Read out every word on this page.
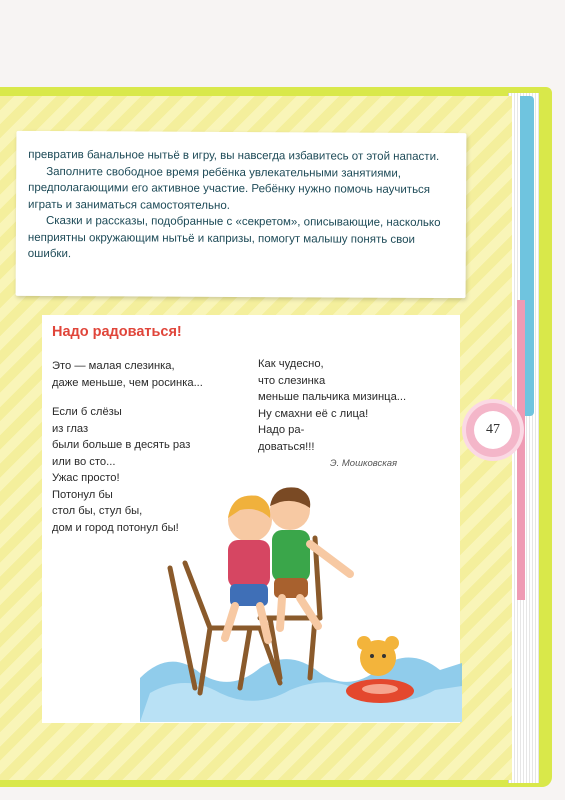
превратив банальное нытьё в игру, вы навсегда избавитесь от этой напасти.

Заполните свободное время ребёнка увлекательными занятиями, предполагающими его активное участие. Ребёнку нужно помочь научиться играть и заниматься самостоятельно.

Сказки и рассказы, подобранные с «секретом», описывающие, насколько неприятны окружающим нытьё и капризы, помогут малышу понять свои ошибки.

Надо радоваться!
Это — малая слезинка,
даже меньше, чем росинка...
Если б слёзы
из глаз
были больше в десять раз
или во сто...
Ужас просто!
Потонул бы
стол бы, стул бы,
дом и город потонул бы!
Как чудесно,
что слезинка
меньше пальчика мизинца...
Ну смахни её с лица!
Надо ра-
доваться!!!
Э. Мошковская
47
